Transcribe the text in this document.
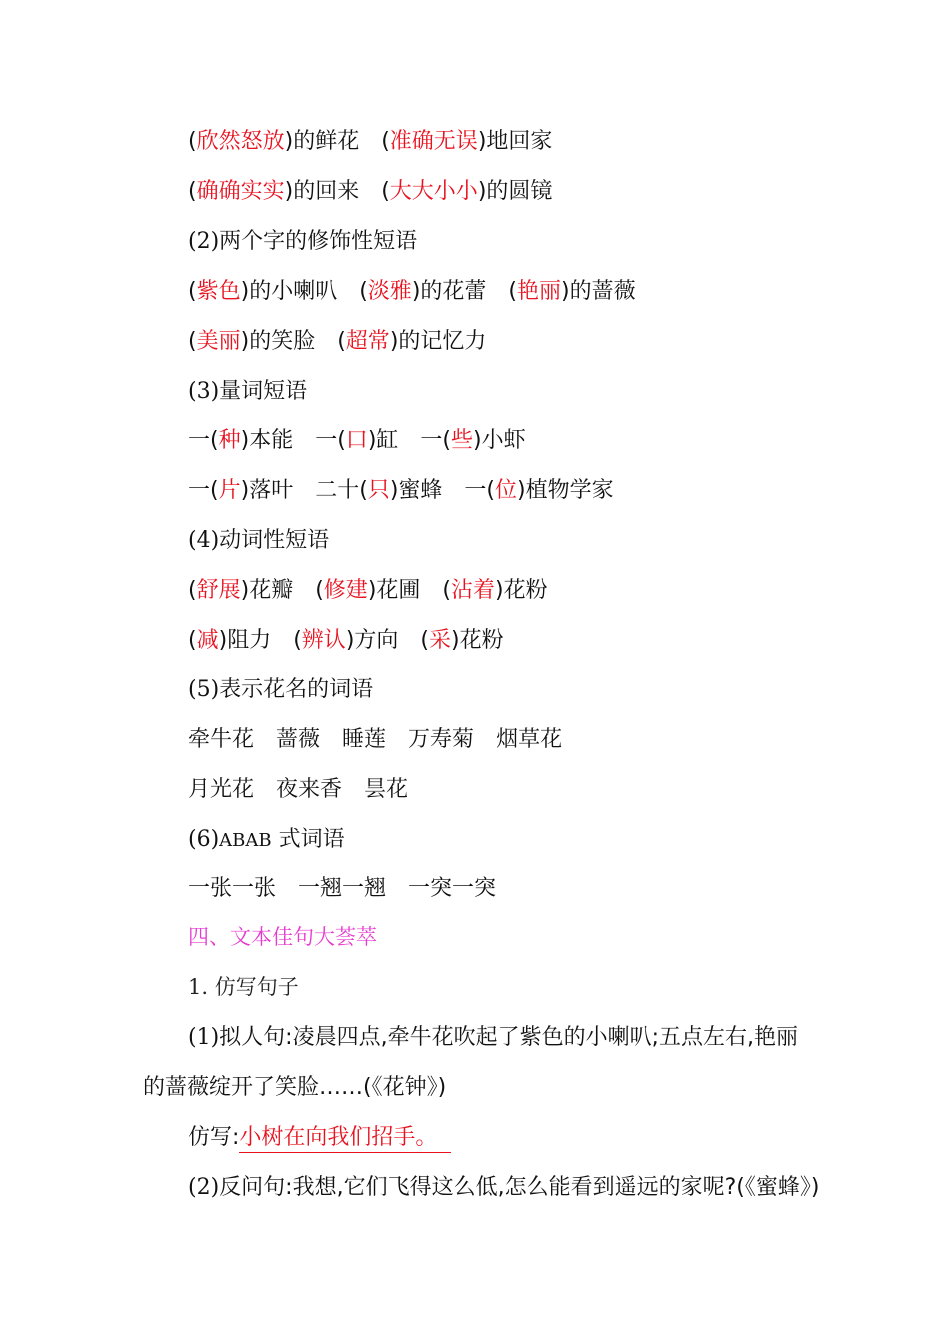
(欣然怒放)的鲜花 (准确无误)地回家
(确确实实)的回来 (大大小小)的圆镜
(2)两个字的修饰性短语
(紫色)的小喇叭 (淡雅)的花蕾 (艳丽)的蔷薇
(美丽)的笑脸 (超常)的记忆力
(3)量词短语
一(种)本能 一(口)缸 一(些)小虾
一(片)落叶 二十(只)蜜蜂 一(位)植物学家
(4)动词性短语
(舒展)花瓣 (修建)花圃 (沾着)花粉
(减)阻力 (辨认)方向 (采)花粉
(5)表示花名的词语
牵牛花 蔷薇 睡莲 万寿菊 烟草花
月光花 夜来香 昙花
(6)ABAB 式词语
一张一张 一翘一翘 一突一突
四、文本佳句大荟萃
1. 仿写句子
(1)拟人句:凌晨四点,牵牛花吹起了紫色的小喇叭;五点左右,艳丽
的蔷薇绽开了笑脸……(《花钟》)
仿写:小树在向我们招手。
(2)反问句:我想,它们飞得这么低,怎么能看到遥远的家呢?(《蜜蜂》)
